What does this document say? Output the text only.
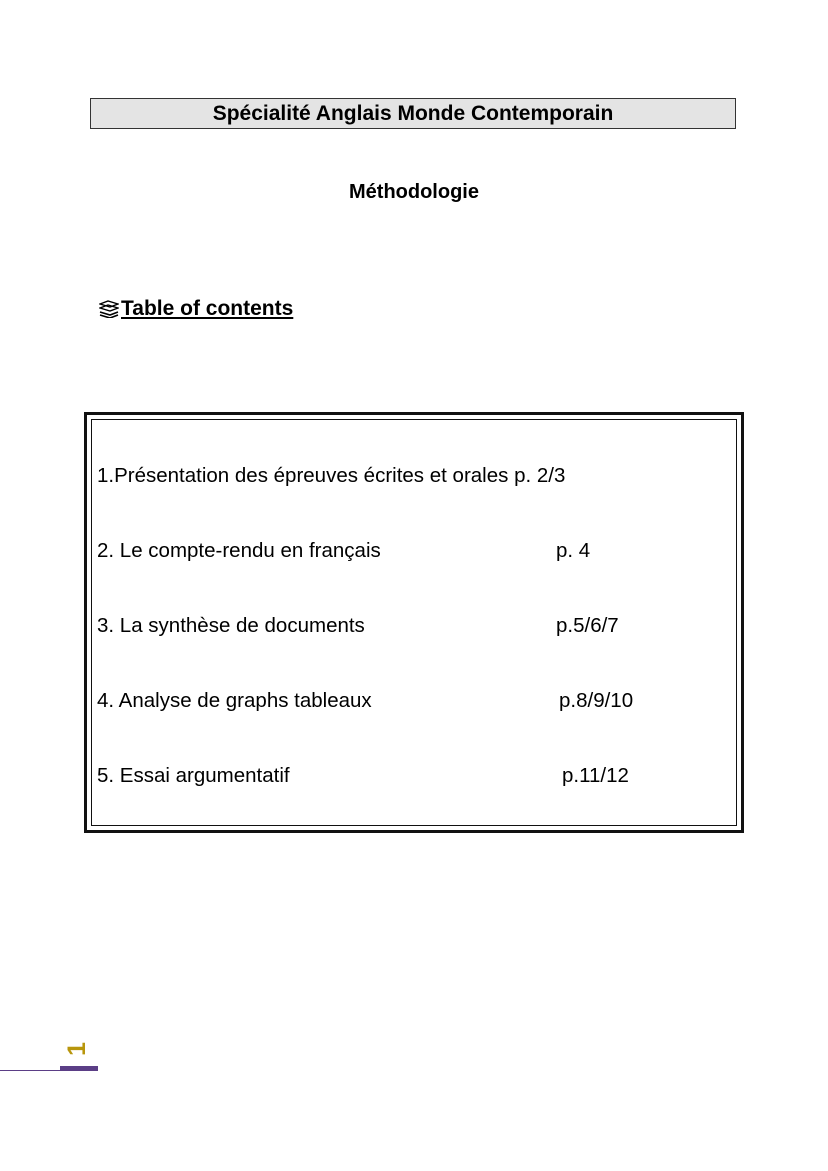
Spécialité Anglais Monde Contemporain
Méthodologie
Table of contents
1.Présentation des épreuves écrites et orales p. 2/3
2. Le compte-rendu en français	p. 4
3. La synthèse de documents	p.5/6/7
4. Analyse de graphs tableaux	p.8/9/10
5. Essai argumentatif	p.11/12
1
